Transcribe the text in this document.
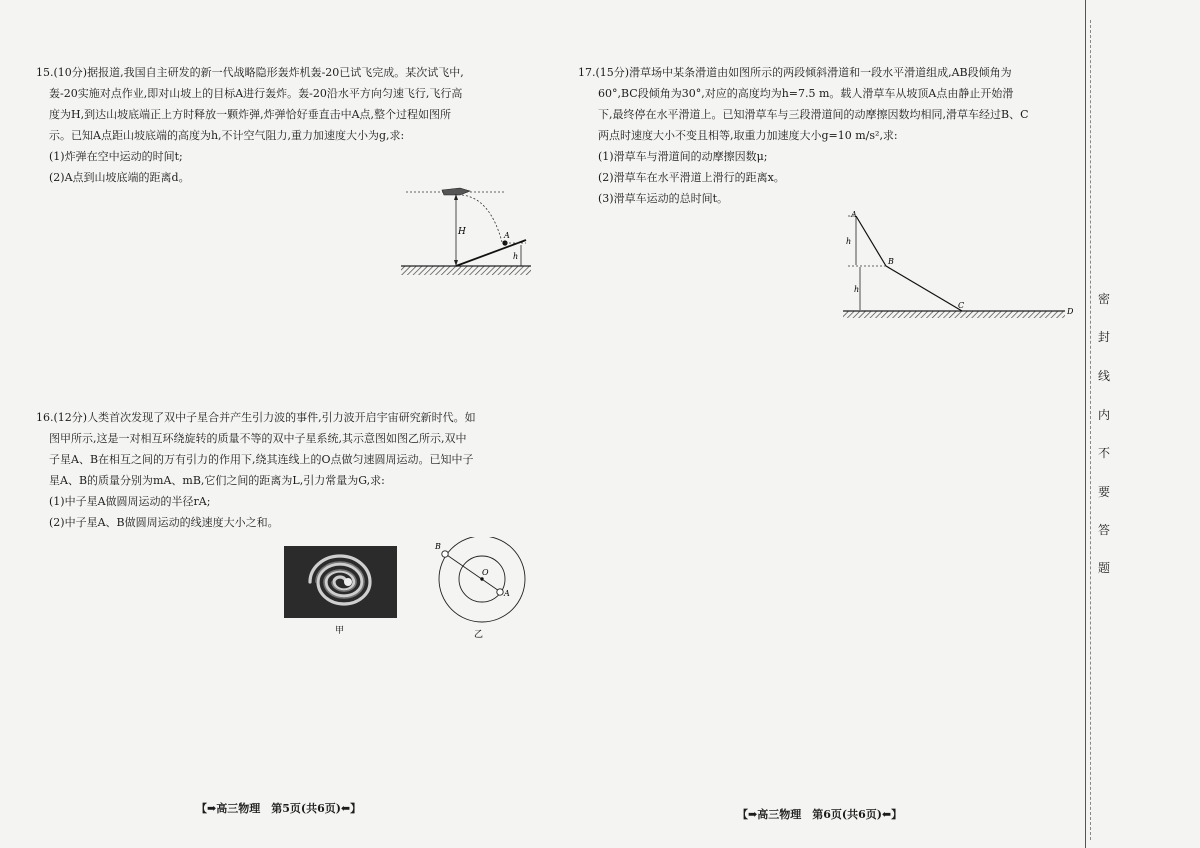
15.(10分)据报道,我国自主研发的新一代战略隐形轰炸机轰-20已试飞完成。某次试飞中,

轰-20实施对点作业,即对山坡上的目标A进行轰炸。轰-20沿水平方向匀速飞行,飞行高

度为H,到达山坡底端正上方时释放一颗炸弹,炸弹恰好垂直击中A点,整个过程如图所

示。已知A点距山坡底端的高度为h,不计空气阻力,重力加速度大小为g,求:

(1)炸弹在空中运动的时间t;

(2)A点到山坡底端的距离d。

H	A
h

16.(12分)人类首次发现了双中子星合并产生引力波的事件,引力波开启宇宙研究新时代。如

图甲所示,这是一对相互环绕旋转的质量不等的双中子星系统,其示意图如图乙所示,双中

子星A、B在相互之间的万有引力的作用下,绕其连线上的O点做匀速圆周运动。已知中子

星A、B的质量分别为mA、mB,它们之间的距离为L,引力常量为G,求:

(1)中子星A做圆周运动的半径rA;

(2)中子星A、B做圆周运动的线速度大小之和。

甲
B
O
A
乙

17.(15分)滑草场中某条滑道由如图所示的两段倾斜滑道和一段水平滑道组成,AB段倾角为

60°,BC段倾角为30°,对应的高度均为h=7.5 m。载人滑草车从坡顶A点由静止开始滑

下,最终停在水平滑道上。已知滑草车与三段滑道间的动摩擦因数均相同,滑草车经过B、C

两点时速度大小不变且相等,取重力加速度大小g=10 m/s²,求:

(1)滑草车与滑道间的动摩擦因数μ;

(2)滑草车在水平滑道上滑行的距离x。

(3)滑草车运动的总时间t。

A
B
C
D
h
h
【➡高三物理　第5页(共6页)⬅】	【➡高三物理　第6页(共6页)⬅】
密
封
线
内
不
要
答
题
